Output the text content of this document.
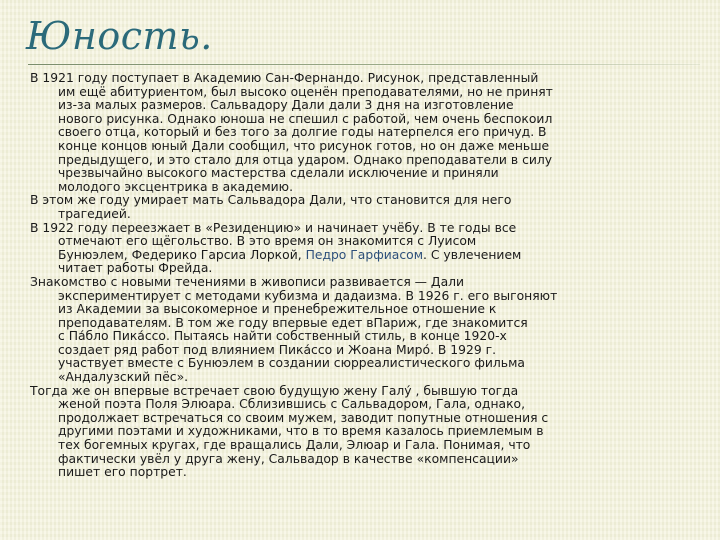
Юность.

В 1921 году поступает в Академию Сан-Фернандо. Рисунок, представленный
им ещё абитуриентом, был высоко оценён преподавателями, но не принят
из-за малых размеров. Сальвадору Дали дали 3 дня на изготовление
нового рисунка. Однако юноша не спешил с работой, чем очень беспокоил
своего отца, который и без того за долгие годы натерпелся его причуд. В
конце концов юный Дали сообщил, что рисунок готов, но он даже меньше
предыдущего, и это стало для отца ударом. Однако преподаватели в силу
чрезвычайно высокого мастерства сделали исключение и приняли
молодого эксцентрика в академию.

В этом же году умирает мать Сальвадора Дали, что становится для него
трагедией.

В 1922 году переезжает в «Резиденцию» и начинает учёбу. В те годы все
отмечают его щёгольство. В это время он знакомится с Луисом
Бунюэлем, Федерико Гарсиа Лоркой, Педро Гарфиасом. С увлечением
читает работы Фрейда.

Знакомство с новыми течениями в живописи развивается — Дали
экспериментирует с методами кубизма и дадаизма. В 1926 г. его выгоняют
из Академии за высокомерное и пренебрежительное отношение к
преподавателям. В том же году впервые едет вПариж, где знакомится
с Па́бло Пика́ссо. Пытаясь найти собственный стиль, в конце 1920-х
создает ряд работ под влиянием Пика́ссо и Жоана Миро́. В 1929 г.
участвует вместе с Бунюэлем в создании сюрреалистического фильма
«Андалузский пёс».

Тогда же он впервые встречает свою будущую жену Галу́ , бывшую тогда
женой поэта Поля Элюара. Сблизившись с Сальвадором, Гала, однако,
продолжает встречаться со своим мужем, заводит попутные отношения с
другими поэтами и художниками, что в то время казалось приемлемым в
тех богемных кругах, где вращались Дали, Элюар и Гала. Понимая, что
фактически увёл у друга жену, Сальвадор в качестве «компенсации»
пишет его портрет.
